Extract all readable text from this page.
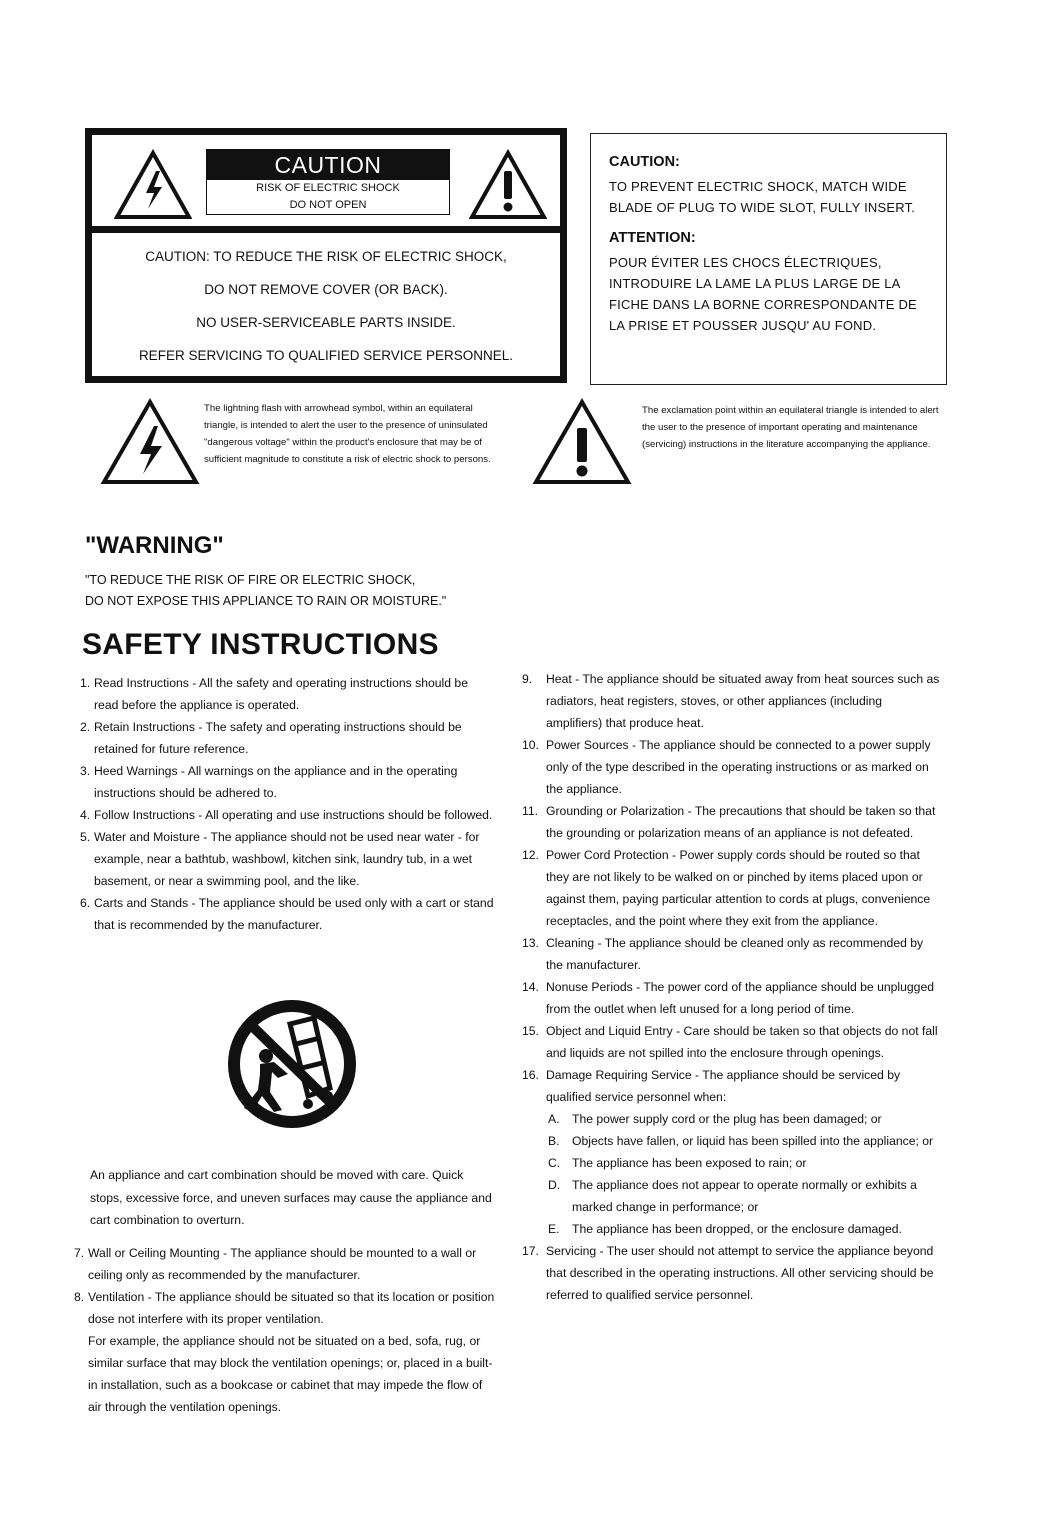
CAUTION
RISK OF ELECTRIC SHOCK
DO NOT OPEN
CAUTION: TO REDUCE THE RISK OF ELECTRIC SHOCK,
DO NOT REMOVE COVER (OR BACK).
NO USER-SERVICEABLE PARTS INSIDE.
REFER SERVICING TO QUALIFIED SERVICE PERSONNEL.
CAUTION:
TO PREVENT ELECTRIC SHOCK, MATCH WIDE BLADE OF PLUG TO WIDE SLOT, FULLY INSERT.
ATTENTION:
POUR ÉVITER LES CHOCS ÉLECTRIQUES, INTRODUIRE LA LAME LA PLUS LARGE DE LA FICHE DANS LA BORNE CORRESPONDANTE DE LA PRISE ET POUSSER JUSQU' AU FOND.
The lightning flash with arrowhead symbol, within an equilateral triangle, is intended to alert the user to the presence of uninsulated "dangerous voltage" within the product's enclosure that may be of sufficient magnitude to constitute a risk of electric shock to persons.
The exclamation point within an equilateral triangle is intended to alert the user to the presence of important operating and maintenance (servicing) instructions in the literature accompanying the appliance.
"WARNING"
"TO REDUCE THE RISK OF FIRE OR ELECTRIC SHOCK,
DO NOT EXPOSE THIS APPLIANCE TO RAIN OR MOISTURE."
SAFETY INSTRUCTIONS
1. Read Instructions - All the safety and operating instructions should be read before the appliance is operated.
2. Retain Instructions - The safety and operating instructions should be retained for future reference.
3. Heed Warnings - All warnings on the appliance and in the operating instructions should be adhered to.
4. Follow Instructions - All operating and use instructions should be followed.
5. Water and Moisture - The appliance should not be used near water - for example, near a bathtub, washbowl, kitchen sink, laundry tub, in a wet basement, or near a swimming pool, and the like.
6. Carts and Stands - The appliance should be used only with a cart or stand that is recommended by the manufacturer.
An appliance and cart combination should be moved with care. Quick stops, excessive force, and uneven surfaces may cause the appliance and cart combination to overturn.
7. Wall or Ceiling Mounting - The appliance should be mounted to a wall or ceiling only as recommended by the manufacturer.
8. Ventilation - The appliance should be situated so that its location or position dose not interfere with its proper ventilation.
For example, the appliance should not be situated on a bed, sofa, rug, or similar surface that may block the ventilation openings; or, placed in a built-in installation, such as a bookcase or cabinet that may impede the flow of air through the ventilation openings.
9. Heat - The appliance should be situated away from heat sources such as radiators, heat registers, stoves, or other appliances (including amplifiers) that produce heat.
10. Power Sources - The appliance should be connected to a power supply only of the type described in the operating instructions or as marked on the appliance.
11. Grounding or Polarization - The precautions that should be taken so that the grounding or polarization means of an appliance is not defeated.
12. Power Cord Protection - Power supply cords should be routed so that they are not likely to be walked on or pinched by items placed upon or against them, paying particular attention to cords at plugs, convenience receptacles, and the point where they exit from the appliance.
13. Cleaning - The appliance should be cleaned only as recommended by the manufacturer.
14. Nonuse Periods - The power cord of the appliance should be unplugged from the outlet when left unused for a long period of time.
15. Object and Liquid Entry - Care should be taken so that objects do not fall and liquids are not spilled into the enclosure through openings.
16. Damage Requiring Service - The appliance should be serviced by qualified service personnel when:
A. The power supply cord or the plug has been damaged; or
B. Objects have fallen, or liquid has been spilled into the appliance; or
C. The appliance has been exposed to rain; or
D. The appliance does not appear to operate normally or exhibits a marked change in performance; or
E. The appliance has been dropped, or the enclosure damaged.
17. Servicing - The user should not attempt to service the appliance beyond that described in the operating instructions. All other servicing should be referred to qualified service personnel.
